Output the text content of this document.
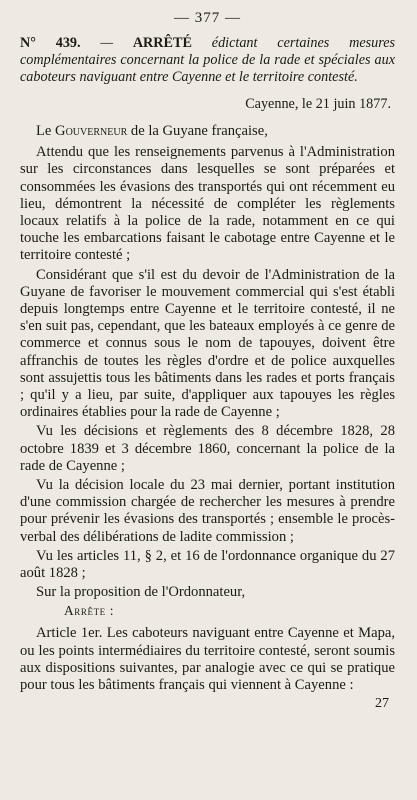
— 377 —

N° 439. — ARRÊTÉ édictant certaines mesures complémentaires concernant la police de la rade et spéciales aux caboteurs naviguant entre Cayenne et le territoire contesté.

Cayenne, le 21 juin 1877.

Le Gouverneur de la Guyane française,

Attendu que les renseignements parvenus à l'Administration sur les circonstances dans lesquelles se sont préparées et consommées les évasions des transportés qui ont récemment eu lieu, démontrent la nécessité de compléter les règlements locaux relatifs à la police de la rade, notamment en ce qui touche les embarcations faisant le cabotage entre Cayenne et le territoire contesté ;

Considérant que s'il est du devoir de l'Administration de la Guyane de favoriser le mouvement commercial qui s'est établi depuis longtemps entre Cayenne et le territoire contesté, il ne s'en suit pas, cependant, que les bateaux employés à ce genre de commerce et connus sous le nom de tapouyes, doivent être affranchis de toutes les règles d'ordre et de police auxquelles sont assujettis tous les bâtiments dans les rades et ports français ; qu'il y a lieu, par suite, d'appliquer aux tapouyes les règles ordinaires établies pour la rade de Cayenne ;

Vu les décisions et règlements des 8 décembre 1828, 28 octobre 1839 et 3 décembre 1860, concernant la police de la rade de Cayenne ;

Vu la décision locale du 23 mai dernier, portant institution d'une commission chargée de rechercher les mesures à prendre pour prévenir les évasions des transportés ; ensemble le procès-verbal des délibérations de ladite commission ;

Vu les articles 11, § 2, et 16 de l'ordonnance organique du 27 août 1828 ;

Sur la proposition de l'Ordonnateur,

Arrête :

Article 1er. Les caboteurs naviguant entre Cayenne et Mapa, ou les points intermédiaires du territoire contesté, seront soumis aux dispositions suivantes, par analogie avec ce qui se pratique pour tous les bâtiments français qui viennent à Cayenne :

27
